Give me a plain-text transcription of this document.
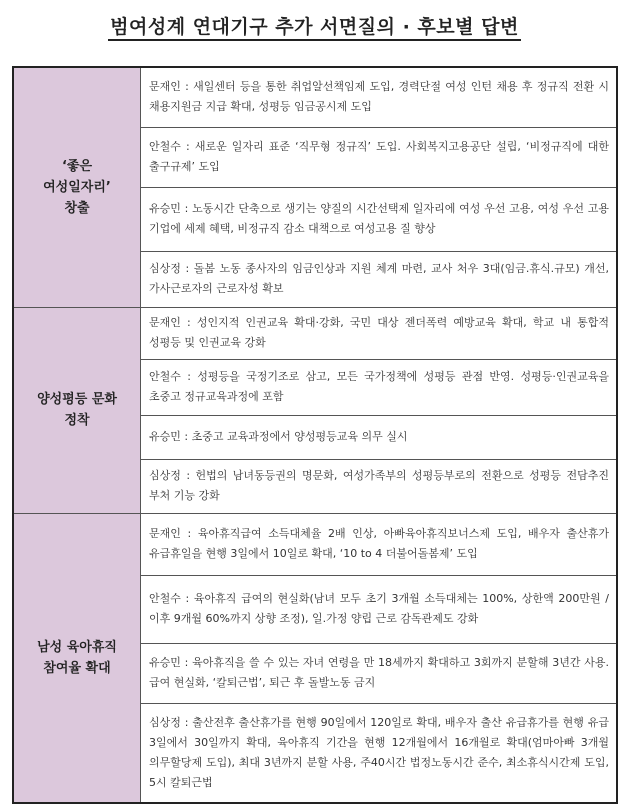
범여성계 연대기구 추가 서면질의 · 후보별 답변
‘좋은
여성일자리’
창출	문재인 : 새일센터 등을 통한 취업알선책임제 도입, 경력단절 여성 인턴 채용 후 정규직 전환 시 채용지원금 지급 확대, 성평등 임금공시제 도입

	안철수 : 새로운 일자리 표준 ‘직무형 정규직’ 도입. 사회복지고용공단 설립, ‘비정규직에 대한 출구규제’ 도입

	유승민 : 노동시간 단축으로 생기는 양질의 시간선택제 일자리에 여성 우선 고용, 여성 우선 고용 기업에 세제 혜택, 비정규직 감소 대책으로 여성고용 질 향상

	심상정 : 돌봄 노동 종사자의 임금인상과 지원 체계 마련, 교사 처우 3대(임금.휴식.규모) 개선, 가사근로자의 근로자성 확보

양성평등 문화
정착	문재인 : 성인지적 인권교육 확대·강화, 국민 대상 젠더폭력 예방교육 확대, 학교 내 통합적 성평등 및 인권교육 강화

	안철수 : 성평등을 국정기조로 삼고, 모든 국가정책에 성평등 관점 반영. 성평등·인권교육을 초중고 정규교육과정에 포함

	유승민 : 초중고 교육과정에서 양성평등교육 의무 실시

	심상정 : 헌법의 남녀동등권의 명문화, 여성가족부의 성평등부로의 전환으로 성평등 전담추진 부처 기능 강화

남성 육아휴직
참여율 확대	문재인 : 육아휴직급여 소득대체율 2배 인상, 아빠육아휴직보너스제 도입, 배우자 출산휴가 유급휴일을 현행 3일에서 10일로 확대, ‘10 to 4 더불어돌봄제’ 도입

	안철수 : 육아휴직 급여의 현실화(남녀 모두 초기 3개월 소득대체는 100%, 상한액 200만원 / 이후 9개월 60%까지 상향 조정), 일.가정 양립 근로 감독관제도 강화

	유승민 : 육아휴직을 쓸 수 있는 자녀 연령을 만 18세까지 확대하고 3회까지 분할해 3년간 사용. 급여 현실화, ‘칼퇴근법’, 퇴근 후 돌발노동 금지

	심상정 : 출산전후 출산휴가를 현행 90일에서 120일로 확대, 배우자 출산 유급휴가를 현행 유급 3일에서 30일까지 확대, 육아휴직 기간을 현행 12개월에서 16개월로 확대(엄마아빠 3개월 의무할당제 도입), 최대 3년까지 분할 사용, 주40시간 법정노동시간 준수, 최소휴식시간제 도입, 5시 칼퇴근법
